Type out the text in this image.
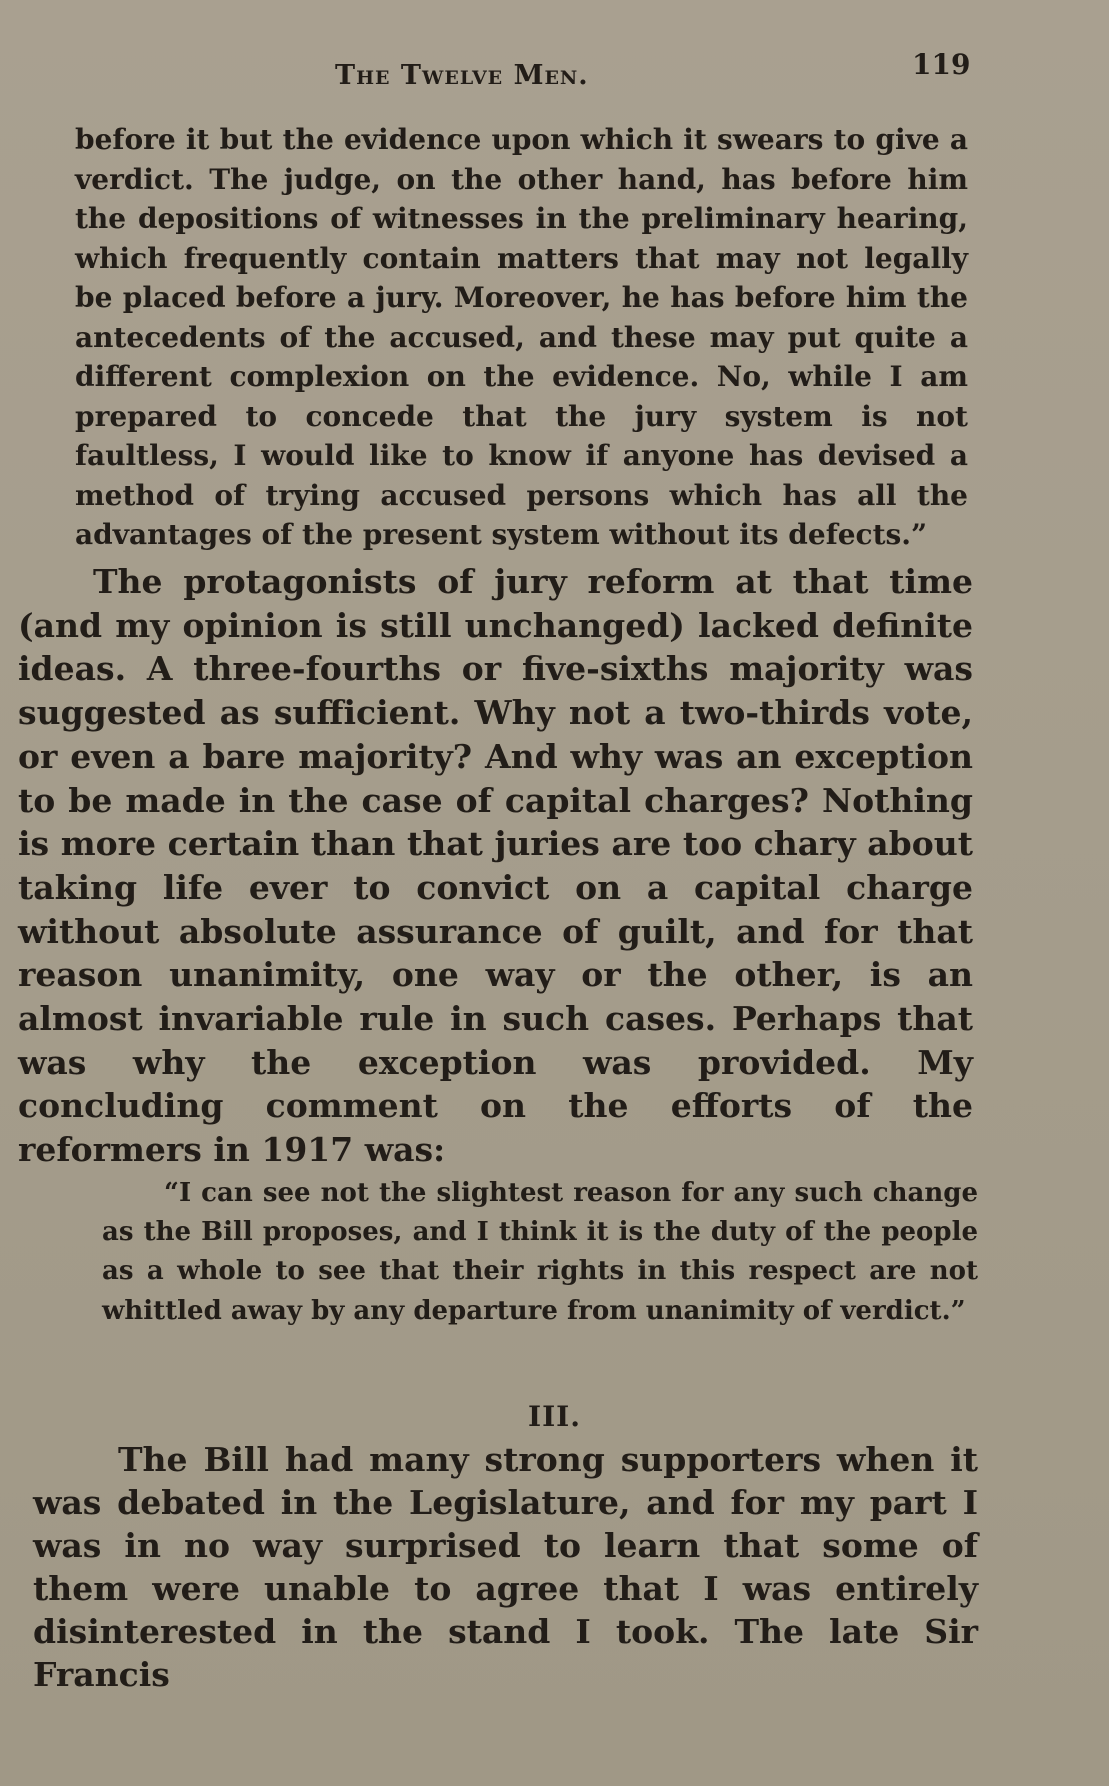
The Twelve Men.	119

before it but the evidence upon which it swears to give a verdict. The judge, on the other hand, has before him the depositions of witnesses in the preliminary hearing, which frequently contain matters that may not legally be placed before a jury. Moreover, he has before him the antecedents of the accused, and these may put quite a different complexion on the evidence. No, while I am prepared to concede that the jury system is not faultless, I would like to know if anyone has devised a method of trying accused persons which has all the advantages of the present system without its defects.”

The protagonists of jury reform at that time (and my opinion is still unchanged) lacked definite ideas. A three-fourths or five-sixths majority was suggested as sufficient. Why not a two-thirds vote, or even a bare majority? And why was an exception to be made in the case of capital charges? Nothing is more certain than that juries are too chary about taking life ever to convict on a capital charge without absolute assurance of guilt, and for that reason unanimity, one way or the other, is an almost invariable rule in such cases. Perhaps that was why the exception was provided. My concluding comment on the efforts of the reformers in 1917 was:

“I can see not the slightest reason for any such change as the Bill proposes, and I think it is the duty of the people as a whole to see that their rights in this respect are not whittled away by any departure from unanimity of verdict.”

III.

The Bill had many strong supporters when it was debated in the Legislature, and for my part I was in no way surprised to learn that some of them were unable to agree that I was entirely disinterested in the stand I took. The late Sir Francis
